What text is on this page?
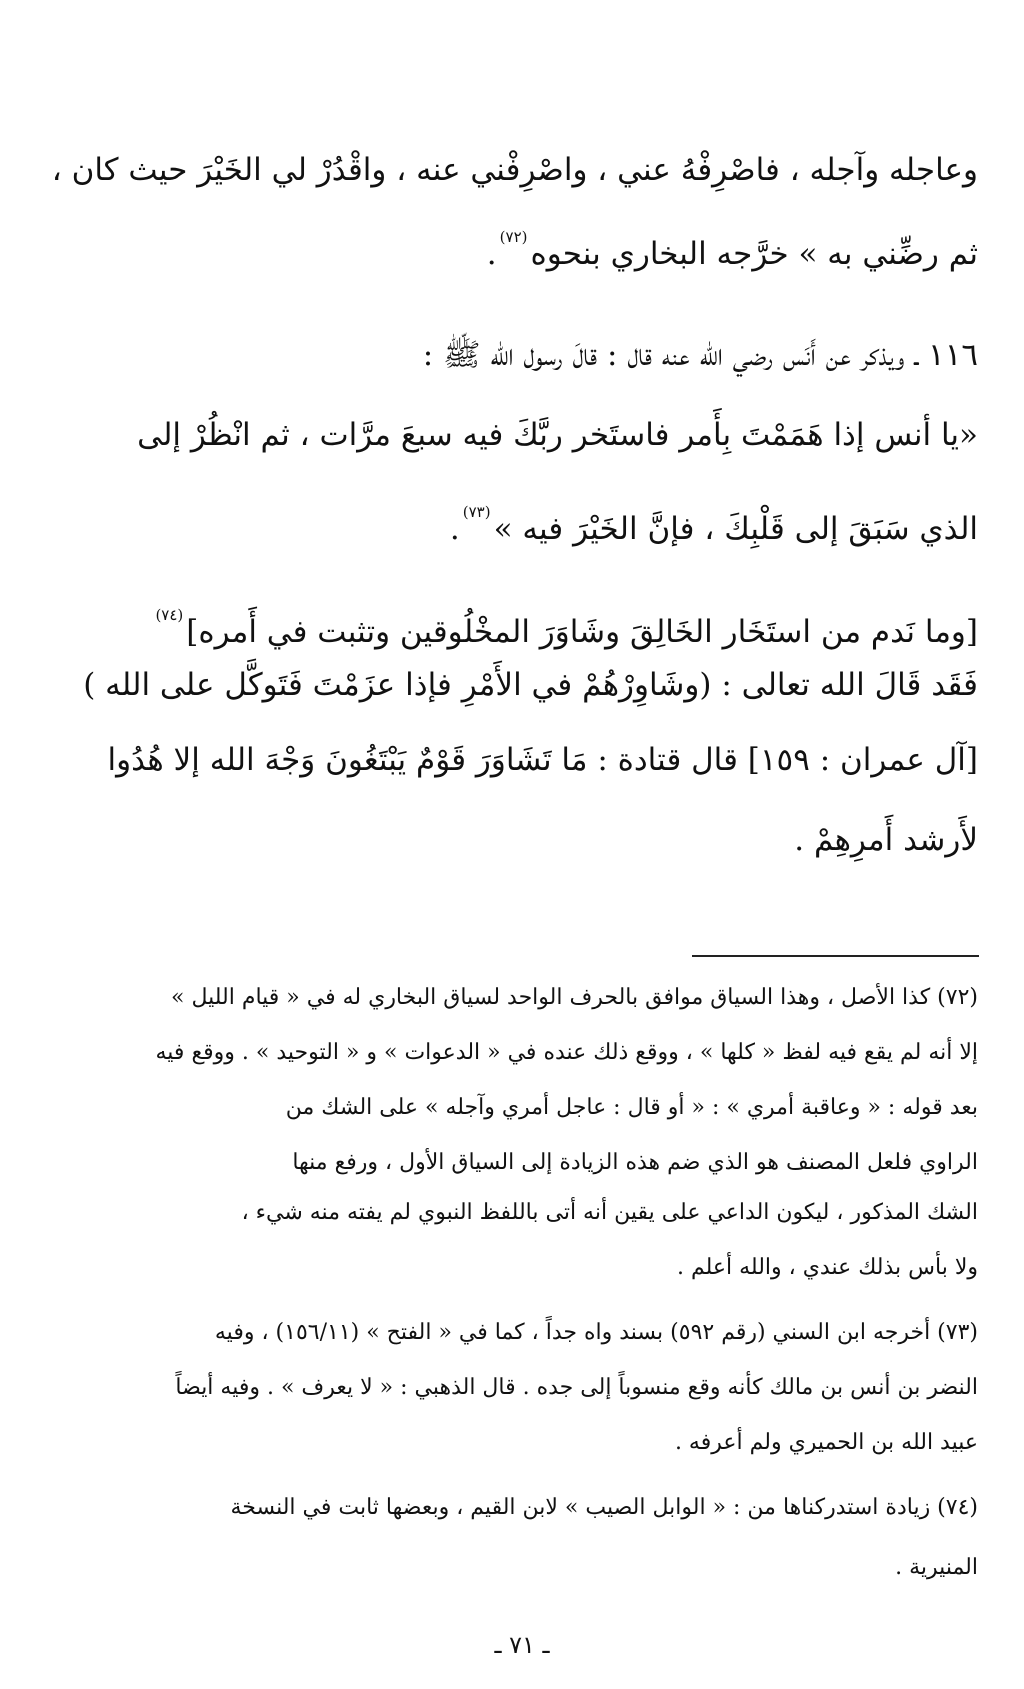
وعاجله وآجله ، فاصْرِفْهُ عني ، واصْرِفْني عنه ، واقْدُرْ لي الخَيْرَ حيث كان ،
ثم رضِّني به » خرَّجه البخاري بنحوه$^{(٧٢)}$.
١١٦ ـ ويذكر عن أَنَس رضي الله عنه قال : قالَ رسول الله ﷺ :
«يا أنس إذا هَمَمْتَ بِأَمر فاستَخر ربَّكَ فيه سبعَ مرَّات ، ثم انْظُرْ إلى
الذي سَبَقَ إلى قَلْبِكَ ، فإنَّ الخَيْرَ فيه »$^{(٧٣)}$.
[وما نَدم من استَخَار الخَالِقَ وشَاوَرَ المخْلُوقين وتثبت في أَمره]$^{(٧٤)}$
فَقَد قَالَ الله تعالى : (وشَاوِرْهُمْ في الأَمْرِ فإذا عزَمْتَ فَتَوكَّل على الله )
[آل عمران : ١٥٩] قال قتادة : مَا تَشَاوَرَ قَوْمٌ يَبْتَغُونَ وَجْهَ الله إلا هُدُوا
لأَرشد أَمرِهِمْ .
(٧٢) كذا الأصل ، وهذا السياق موافق بالحرف الواحد لسياق البخاري له في « قيام الليل »
إلا أنه لم يقع فيه لفظ « كلها » ، ووقع ذلك عنده في « الدعوات » و « التوحيد » . ووقع فيه
بعد قوله : « وعاقبة أمري » : « أو قال : عاجل أمري وآجله » على الشك من
الراوي فلعل المصنف هو الذي ضم هذه الزيادة إلى السياق الأول ، ورفع منها
الشك المذكور ، ليكون الداعي على يقين أنه أتى باللفظ النبوي لم يفته منه شيء ،
ولا بأس بذلك عندي ، والله أعلم .
(٧٣) أخرجه ابن السني (رقم ٥٩٢) بسند واه جداً ، كما في « الفتح » (١٥٦/١١) ، وفيه
النضر بن أنس بن مالك كأنه وقع منسوباً إلى جده . قال الذهبي : « لا يعرف » . وفيه أيضاً
عبيد الله بن الحميري ولم أعرفه .
(٧٤) زيادة استدركناها من : « الوابل الصيب » لابن القيم ، وبعضها ثابت في النسخة
المنيرية .
ـ ٧١ ـ
